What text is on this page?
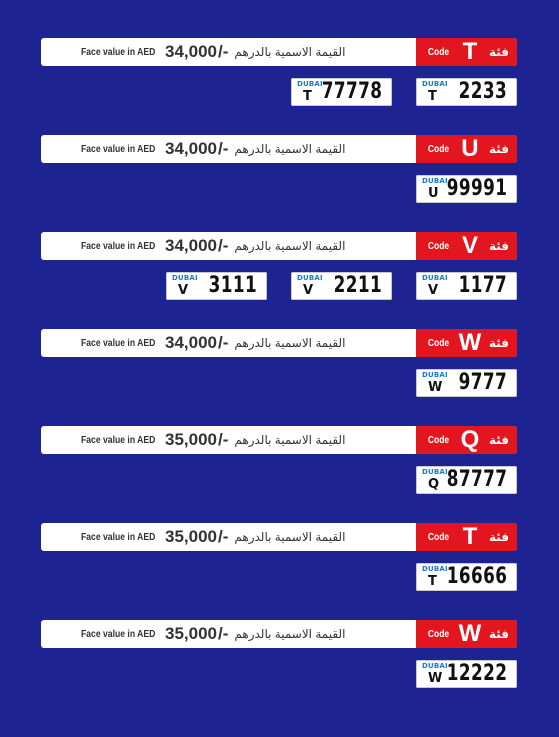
Face value in AED 34,000 /- القيمة الاسمية بالدرهم	Code T فئة
DUBAI
T 2233
DUBAI
T 77778
Face value in AED 34,000 /- القيمة الاسمية بالدرهم	Code U فئة
DUBAI
U 99991
Face value in AED 34,000 /- القيمة الاسمية بالدرهم	Code V فئة
DUBAI
V 1177
DUBAI
V 2211
DUBAI
V 3111
Face value in AED 34,000 /- القيمة الاسمية بالدرهم	Code W فئة
DUBAI
W 9777
Face value in AED 35,000 /- القيمة الاسمية بالدرهم	Code Q فئة
DUBAI
Q 87777
Face value in AED 35,000 /- القيمة الاسمية بالدرهم	Code T فئة
DUBAI
T 16666
Face value in AED 35,000 /- القيمة الاسمية بالدرهم	Code W فئة
DUBAI
W 12222
